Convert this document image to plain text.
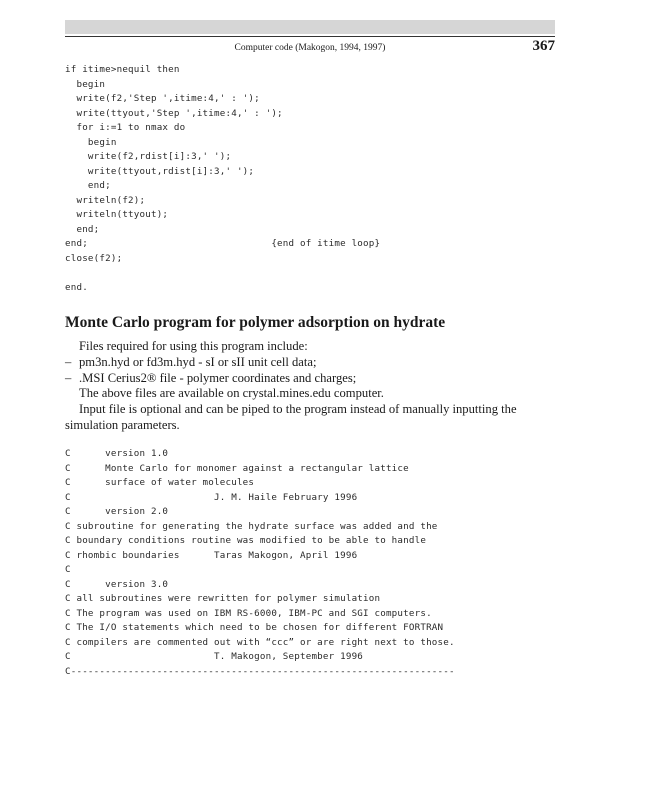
Computer code (Makogon, 1994, 1997)	367
if itime>nequil then
begin
write(f2,'Step ',itime:4,' : ');
write(ttyout,'Step ',itime:4,' : ');
for i:=1 to nmax do
begin
write(f2,rdist[i]:3,' ');
write(ttyout,rdist[i]:3,' ');
end;
writeln(f2);
writeln(ttyout);
end;
end;                                {end of itime loop}
close(f2);
end.
Monte Carlo program for polymer adsorption on hydrate

Files required for using this program include:

– pm3n.hyd or fd3m.hyd - sI or sII unit cell data;
– .MSI Cerius2® file - polymer coordinates and charges;

The above files are available on crystal.mines.edu computer.

Input file is optional and can be piped to the program instead of manually inputting the simulation parameters.

C      version 1.0
C      Monte Carlo for monomer against a rectangular lattice
C      surface of water molecules
C                         J. M. Haile February 1996
C      version 2.0
C subroutine for generating the hydrate surface was added and the
C boundary conditions routine was modified to be able to handle
C rhombic boundaries      Taras Makogon, April 1996
C
C      version 3.0
C all subroutines were rewritten for polymer simulation
C The program was used on IBM RS-6000, IBM-PC and SGI computers.
C The I/O statements which need to be chosen for different FORTRAN
C compilers are commented out with “ccc” or are right next to those.
C                         T. Makogon, September 1996
C-------------------------------------------------------------------
